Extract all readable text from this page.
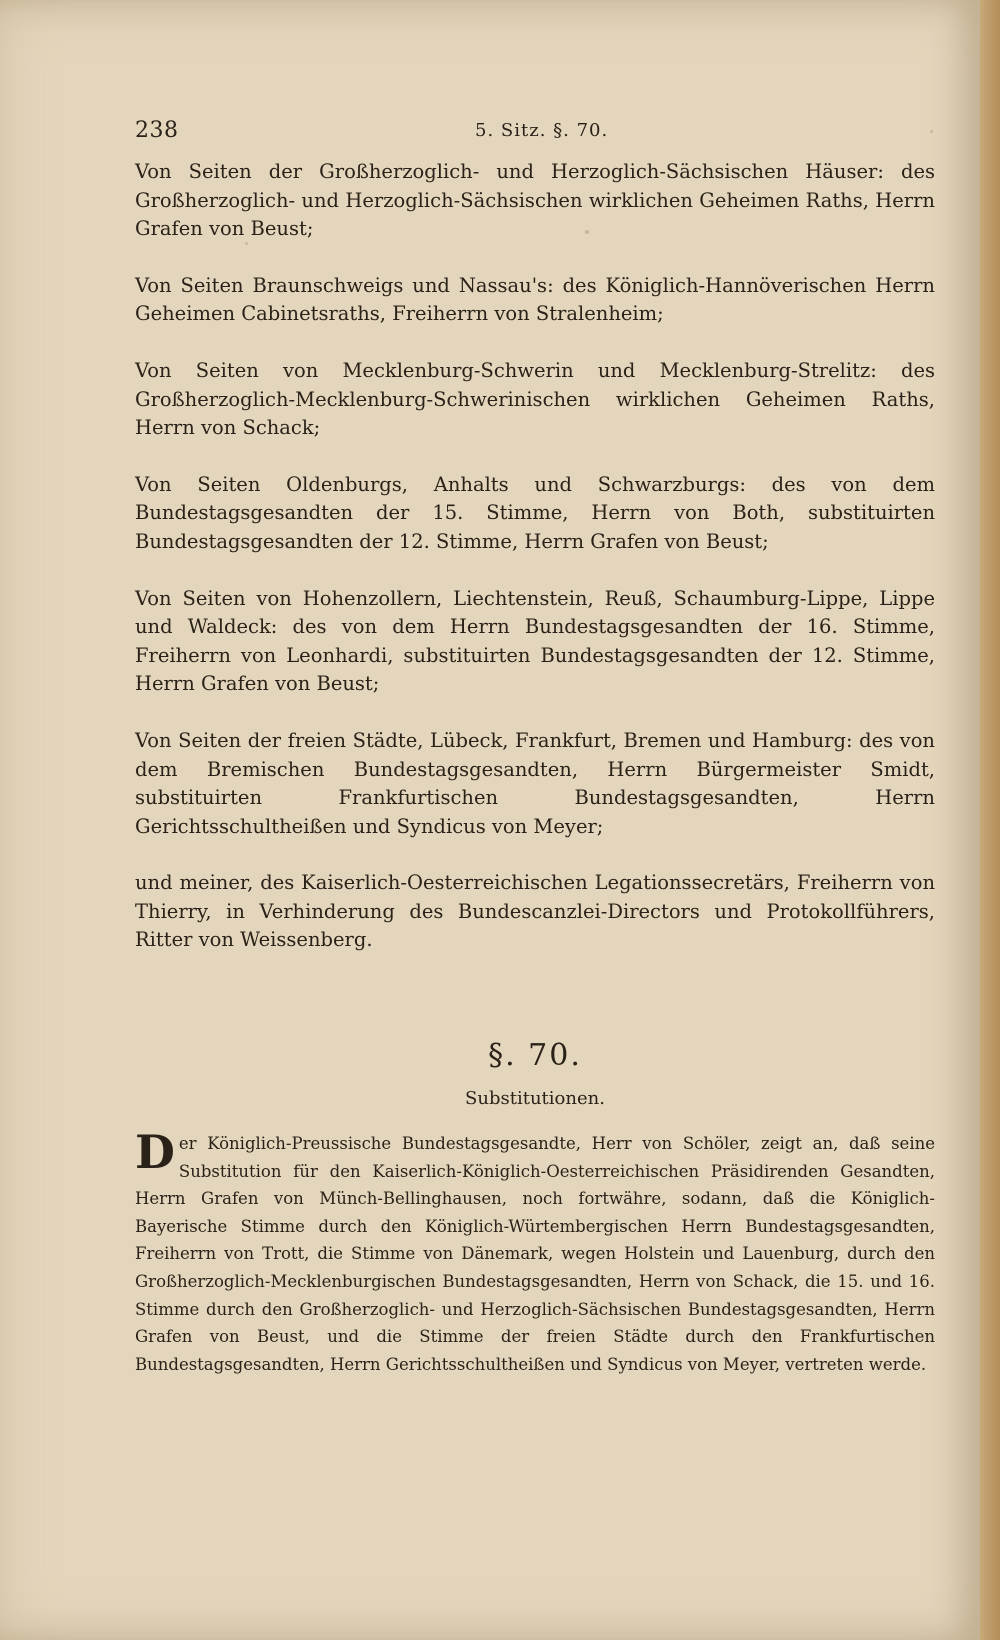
238	5. Sitz. §. 70.

Von Seiten der Großherzoglich- und Herzoglich-Sächsischen Häuser: des Großherzoglich- und Herzoglich-Sächsischen wirklichen Geheimen Raths, Herrn Grafen von Beust;

Von Seiten Braunschweigs und Nassau's: des Königlich-Hannöverischen Herrn Geheimen Cabinetsraths, Freiherrn von Stralenheim;

Von Seiten von Mecklenburg-Schwerin und Mecklenburg-Strelitz: des Großherzoglich-Mecklenburg-Schwerinischen wirklichen Geheimen Raths, Herrn von Schack;

Von Seiten Oldenburgs, Anhalts und Schwarzburgs: des von dem Bundestagsgesandten der 15. Stimme, Herrn von Both, substituirten Bundestagsgesandten der 12. Stimme, Herrn Grafen von Beust;

Von Seiten von Hohenzollern, Liechtenstein, Reuß, Schaumburg-Lippe, Lippe und Waldeck: des von dem Herrn Bundestagsgesandten der 16. Stimme, Freiherrn von Leonhardi, substituirten Bundestagsgesandten der 12. Stimme, Herrn Grafen von Beust;

Von Seiten der freien Städte, Lübeck, Frankfurt, Bremen und Hamburg: des von dem Bremischen Bundestagsgesandten, Herrn Bürgermeister Smidt, substituirten Frankfurtischen Bundestagsgesandten, Herrn Gerichtsschultheißen und Syndicus von Meyer;

und meiner, des Kaiserlich-Oesterreichischen Legationssecretärs, Freiherrn von Thierry, in Verhinderung des Bundescanzlei-Directors und Protokollführers, Ritter von Weissenberg.

§. 70.
Substitutionen.
D er Königlich-Preussische Bundestagsgesandte, Herr von Schöler, zeigt an, daß seine Substitution für den Kaiserlich-Königlich-Oesterreichischen Präsidirenden Gesandten, Herrn Grafen von Münch-Bellinghausen, noch fortwähre, sodann, daß die Königlich-Bayerische Stimme durch den Königlich-Würtembergischen Herrn Bundestagsgesandten, Freiherrn von Trott, die Stimme von Dänemark, wegen Holstein und Lauenburg, durch den Großherzoglich-Mecklenburgischen Bundestagsgesandten, Herrn von Schack, die 15. und 16. Stimme durch den Großherzoglich- und Herzoglich-Sächsischen Bundestagsgesandten, Herrn Grafen von Beust, und die Stimme der freien Städte durch den Frankfurtischen Bundestagsgesandten, Herrn Gerichtsschultheißen und Syndicus von Meyer, vertreten werde.
